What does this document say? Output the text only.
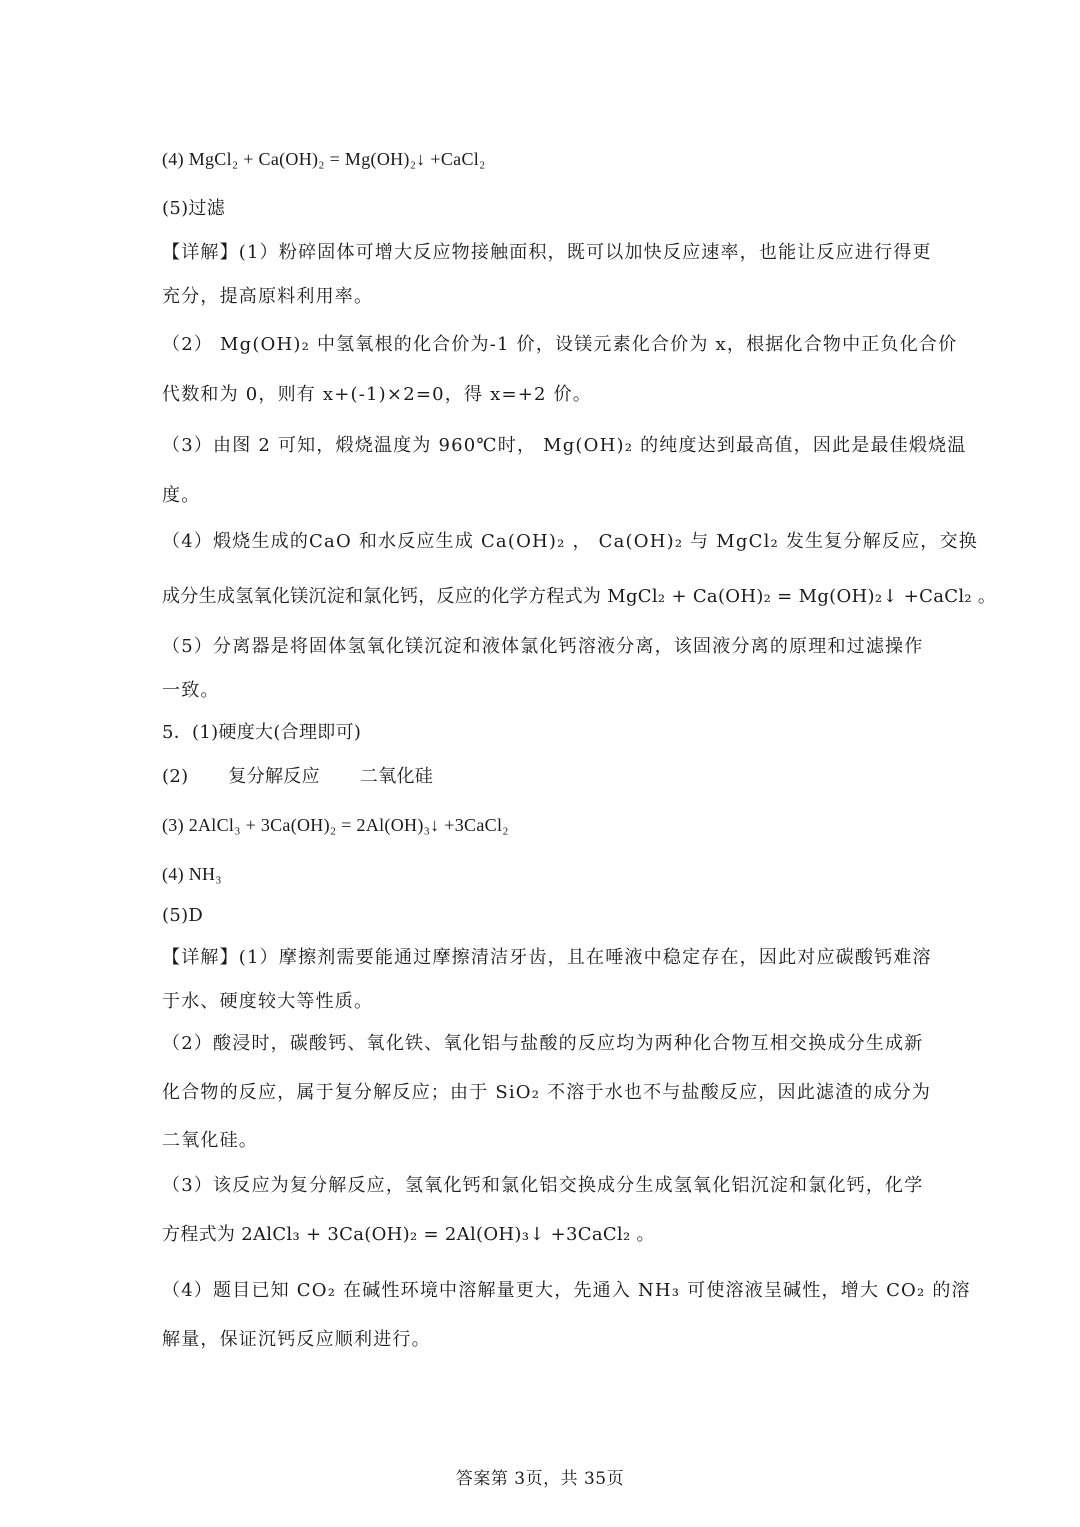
(4) MgCl₂ + Ca(OH)₂ = Mg(OH)₂↓ +CaCl₂
(5)过滤
【详解】(1）粉碎固体可增大反应物接触面积，既可以加快反应速率，也能让反应进行得更
充分，提高原料利用率。
（2） Mg(OH)₂ 中氢氧根的化合价为-1 价，设镁元素化合价为 x，根据化合物中正负化合价
代数和为 0，则有 x+(-1)×2=0，得 x=+2 价。
（3）由图 2 可知，煅烧温度为 960℃时， Mg(OH)₂ 的纯度达到最高值，因此是最佳煅烧温
度。
（4）煅烧生成的CaO 和水反应生成 Ca(OH)₂ ， Ca(OH)₂ 与 MgCl₂ 发生复分解反应，交换
成分生成氢氧化镁沉淀和氯化钙，反应的化学方程式为 MgCl₂ + Ca(OH)₂ = Mg(OH)₂↓ +CaCl₂ 。
（5）分离器是将固体氢氧化镁沉淀和液体氯化钙溶液分离，该固液分离的原理和过滤操作
一致。
5．(1)硬度大(合理即可)
(2) 复分解反应 二氧化硅
(3) 2AlCl₃ + 3Ca(OH)₂ = 2Al(OH)₃↓ +3CaCl₂
(4) NH₃
(5)D
【详解】(1）摩擦剂需要能通过摩擦清洁牙齿，且在唾液中稳定存在，因此对应碳酸钙难溶
于水、硬度较大等性质。
（2）酸浸时，碳酸钙、氧化铁、氧化铝与盐酸的反应均为两种化合物互相交换成分生成新
化合物的反应，属于复分解反应；由于 SiO₂ 不溶于水也不与盐酸反应，因此滤渣的成分为
二氧化硅。
（3）该反应为复分解反应，氢氧化钙和氯化铝交换成分生成氢氧化铝沉淀和氯化钙，化学
方程式为 2AlCl₃ + 3Ca(OH)₂ = 2Al(OH)₃↓ +3CaCl₂ 。
（4）题目已知 CO₂ 在碱性环境中溶解量更大，先通入 NH₃ 可使溶液呈碱性，增大 CO₂ 的溶
解量，保证沉钙反应顺利进行。
答案第 3页，共 35页
